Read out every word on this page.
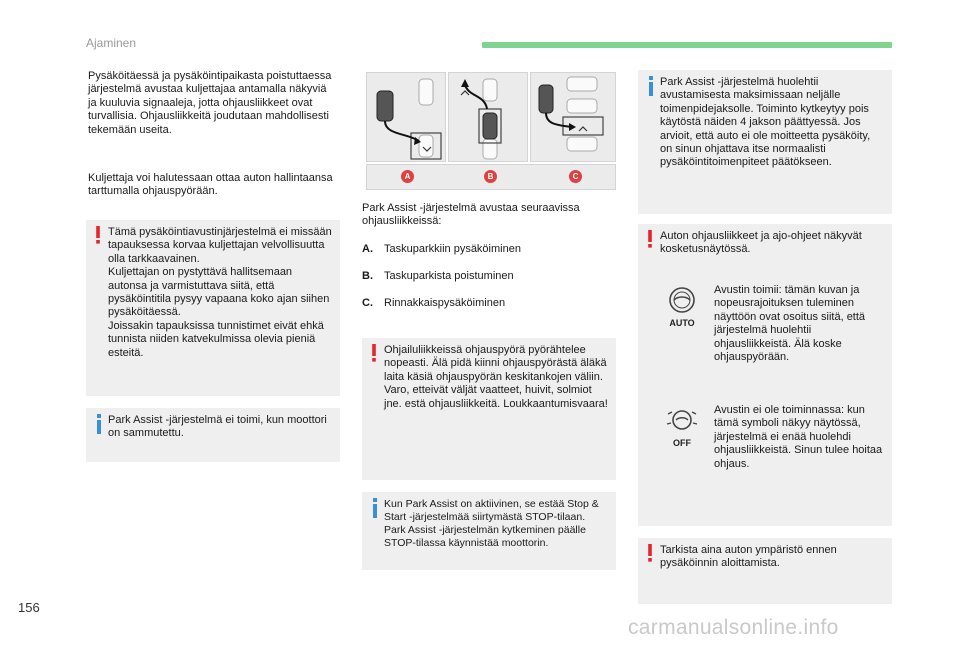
Ajaminen
Pysäköitäessä ja pysäköintipaikasta poistuttaessa järjestelmä avustaa kuljettajaa antamalla näkyviä ja kuuluvia signaaleja, jotta ohjausliikkeet ovat turvallisia. Ohjausliikkeitä joudutaan mahdollisesti tekemään useita.
Kuljettaja voi halutessaan ottaa auton hallintaansa tarttumalla ohjauspyörään.
Tämä pysäköintiavustinjärjestelmä ei missään tapauksessa korvaa kuljettajan velvollisuutta olla tarkkaavainen.
Kuljettajan on pystyttävä hallitsemaan autonsa ja varmistuttava siitä, että pysäköintitila pysyy vapaana koko ajan siihen pysäköitäessä.
Joissakin tapauksissa tunnistimet eivät ehkä tunnista niiden katvekulmissa olevia pieniä esteitä.
Park Assist -järjestelmä ei toimi, kun moottori on sammutettu.
A	B	C
Park Assist -järjestelmä avustaa seuraavissa ohjausliikkeissä:
A. Taskuparkkiin pysäköiminen
B. Taskuparkista poistuminen
C. Rinnakkaispysäköiminen
Ohjailuliikkeissä ohjauspyörä pyörähtelee nopeasti. Älä pidä kiinni ohjauspyörästä äläkä laita käsiä ohjauspyörän keskitankojen väliin.
Varo, etteivät väljät vaatteet, huivit, solmiot jne. estä ohjausliikkeitä. Loukkaantumisvaara!
Kun Park Assist on aktiivinen, se estää Stop & Start -järjestelmää siirtymästä STOP-tilaan. Park Assist -järjestelmän kytkeminen päälle STOP-tilassa käynnistää moottorin.
Park Assist -järjestelmä huolehtii avustamisesta maksimissaan neljälle toimenpidejaksolle. Toiminto kytkeytyy pois käytöstä näiden 4 jakson päättyessä. Jos arvioit, että auto ei ole moitteetta pysäköity, on sinun ohjattava itse normaalisti pysäköintitoimenpiteet päätökseen.
Auton ohjausliikkeet ja ajo-ohjeet näkyvät kosketusnäytössä.
AUTO
Avustin toimii: tämän kuvan ja nopeusrajoituksen tuleminen näyttöön ovat osoitus siitä, että järjestelmä huolehtii ohjausliikkeistä. Älä koske ohjauspyörään.
OFF
Avustin ei ole toiminnassa: kun tämä symboli näkyy näytössä, järjestelmä ei enää huolehdi ohjausliikkeistä. Sinun tulee hoitaa ohjaus.
Tarkista aina auton ympäristö ennen pysäköinnin aloittamista.
156
carmanualsonline.info
